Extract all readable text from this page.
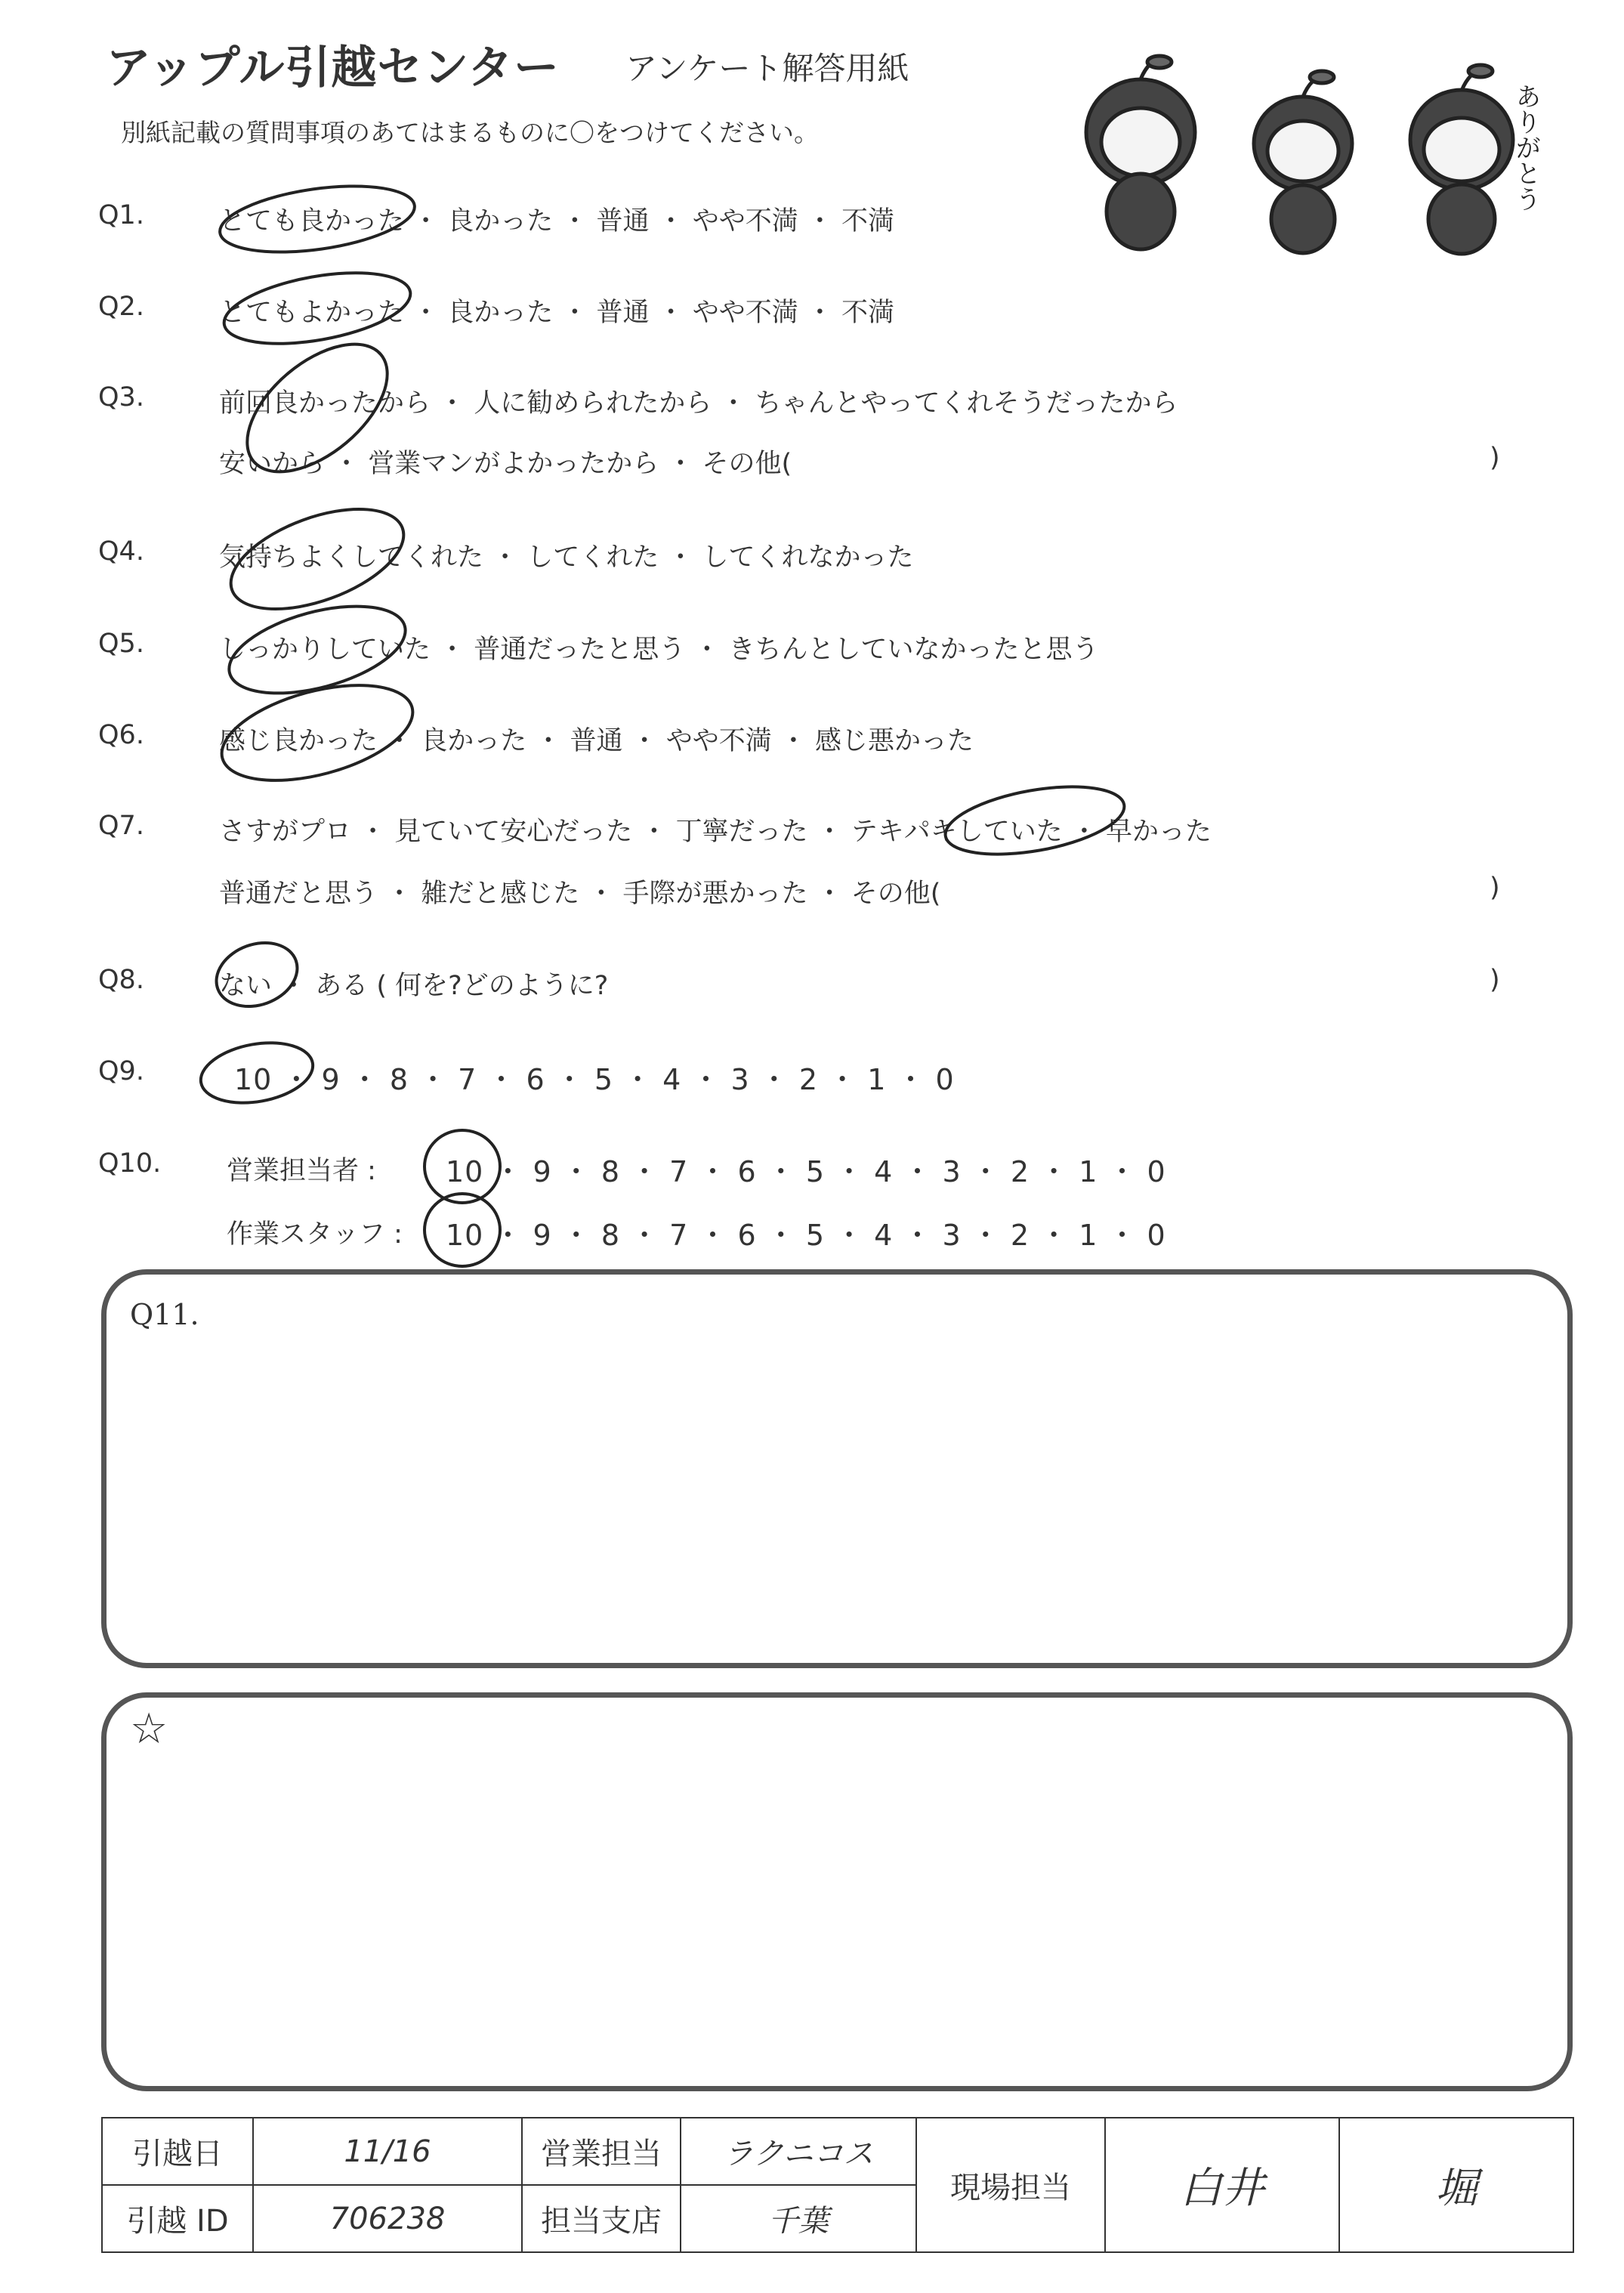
アップル引越センター アンケート解答用紙
別紙記載の質問事項のあてはまるものに〇をつけてください。	ありがとう
Q1.	とても良かった ・ 良かった ・ 普通 ・ やや不満 ・ 不満
Q2.	とてもよかった ・ 良かった ・ 普通 ・ やや不満 ・ 不満
Q3.	前回良かったから ・ 人に勧められたから ・ ちゃんとやってくれそうだったから
安いから ・ 営業マンがよかったから ・ その他(	)
Q4.	気持ちよくしてくれた ・ してくれた ・ してくれなかった
Q5.	しっかりしていた ・ 普通だったと思う ・ きちんとしていなかったと思う
Q6.	感じ良かった ・ 良かった ・ 普通 ・ やや不満 ・ 感じ悪かった
Q7.	さすがプロ ・ 見ていて安心だった ・ 丁寧だった ・ テキパキしていた ・ 早かった
普通だと思う ・ 雑だと感じた ・ 手際が悪かった ・ その他(	)
Q8.	ない ・ ある ( 何を?どのように?	)
Q9.	10 ・ 9 ・ 8 ・ 7 ・ 6 ・ 5 ・ 4 ・ 3 ・ 2 ・ 1 ・ 0
Q10. 営業担当者 : 10 ・ 9 ・ 8 ・ 7 ・ 6 ・ 5 ・ 4 ・ 3 ・ 2 ・ 1 ・ 0
作業スタッフ : 10 ・ 9 ・ 8 ・ 7 ・ 6 ・ 5 ・ 4 ・ 3 ・ 2 ・ 1 ・ 0
Q11.
☆
引越日	11/16	営業担当	ラクニコス	現場担当	白井	堀
引越 ID	706238	担当支店	千葉			
